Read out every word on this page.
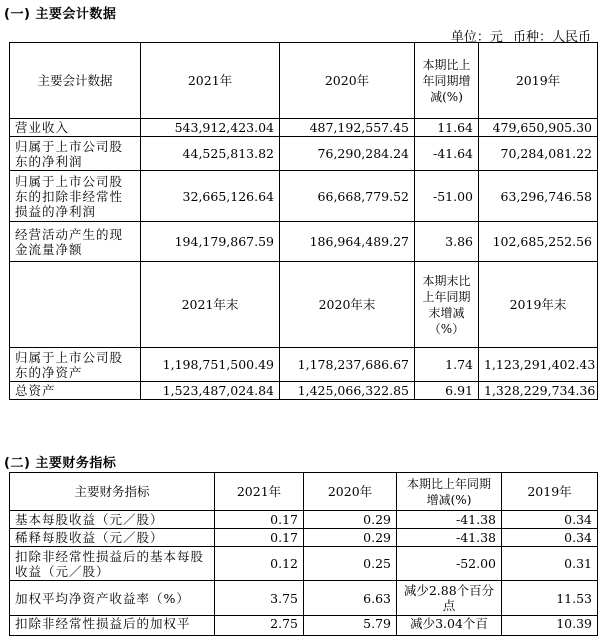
(一) 主要会计数据
单位：元 币种：人民币
主要会计数据	2021年	2020年	本期比上年同期增减(%)	2019年
营业收入	543,912,423.04	487,192,557.45	11.64	479,650,905.30
归属于上市公司股东的净利润	44,525,813.82	76,290,284.24	-41.64	70,284,081.22
归属于上市公司股东的扣除非经常性损益的净利润	32,665,126.64	66,668,779.52	-51.00	63,296,746.58
经营活动产生的现金流量净额	194,179,867.59	186,964,489.27	3.86	102,685,252.56
	2021年末	2020年末	本期末比上年同期末增减（%）	2019年末
归属于上市公司股东的净资产	1,198,751,500.49	1,178,237,686.67	1.74	1,123,291,402.43
总资产	1,523,487,024.84	1,425,066,322.85	6.91	1,328,229,734.36
(二) 主要财务指标
主要财务指标	2021年	2020年	本期比上年同期增减(%)	2019年
基本每股收益（元／股）	0.17	0.29	-41.38	0.34
稀释每股收益（元／股）	0.17	0.29	-41.38	0.34
扣除非经常性损益后的基本每股收益（元／股）	0.12	0.25	-52.00	0.31
加权平均净资产收益率（%）	3.75	6.63	减少2.88个百分点	11.53
扣除非经常性损益后的加权平	2.75	5.79	减少3.04个百	10.39
